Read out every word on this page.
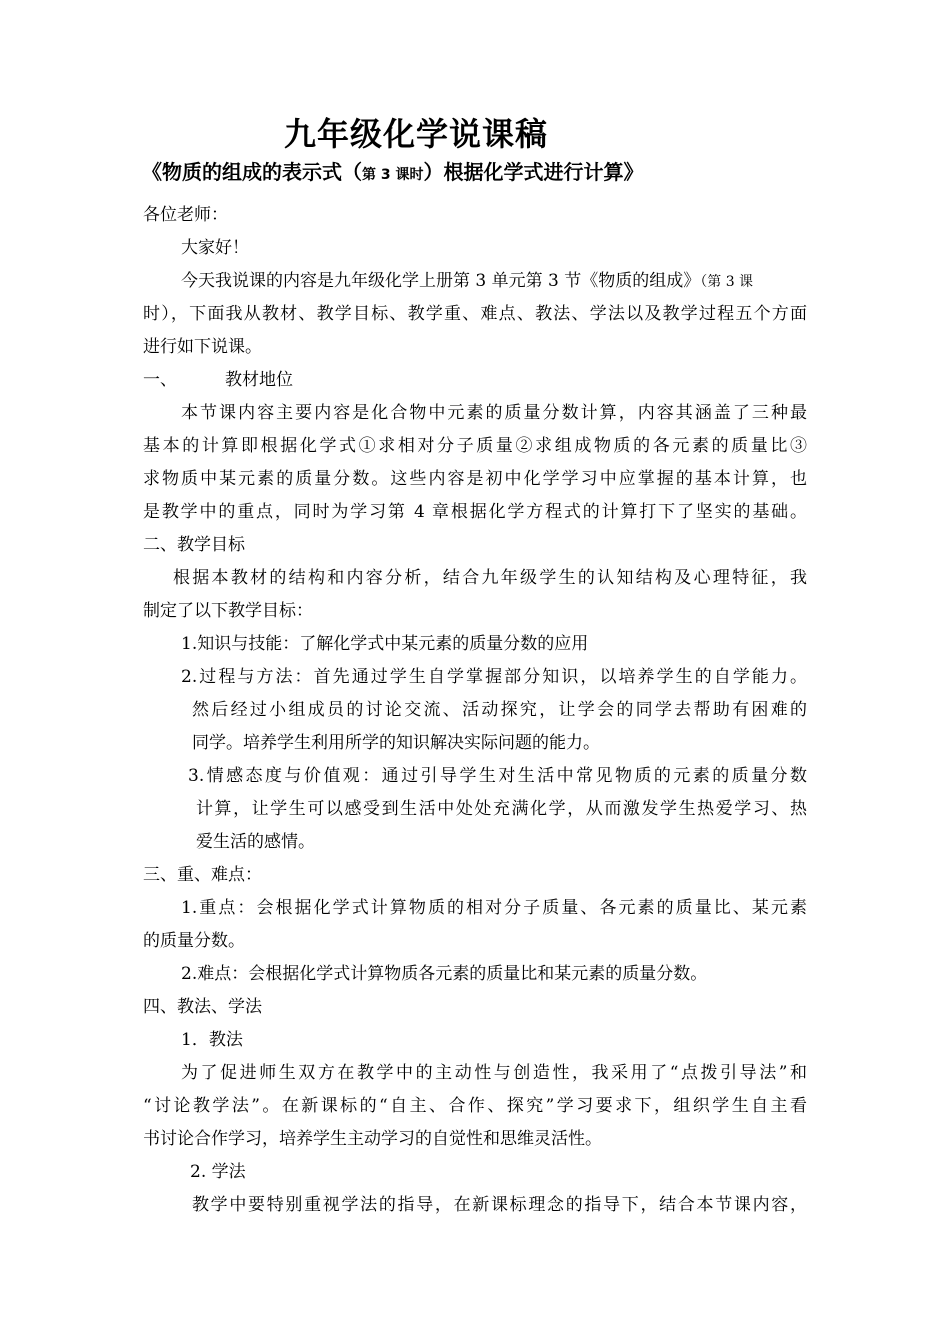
九年级化学说课稿
《物质的组成的表示式（第 3 课时）根据化学式进行计算》
各位老师：
大家好！
今天我说课的内容是九年级化学上册第 3 单元第 3 节《物质的组成》（第 3 课
时），下面我从教材、教学目标、教学重、难点、教法、学法以及教学过程五个方面
进行如下说课。
一、	教材地位
本节课内容主要内容是化合物中元素的质量分数计算，内容其涵盖了三种最
基本的计算即根据化学式①求相对分子质量②求组成物质的各元素的质量比③
求物质中某元素的质量分数。这些内容是初中化学学习中应掌握的基本计算，也
是教学中的重点，同时为学习第 4 章根据化学方程式的计算打下了坚实的基础。
二、教学目标
根据本教材的结构和内容分析，结合九年级学生的认知结构及心理特征，我
制定了以下教学目标：
1.知识与技能：了解化学式中某元素的质量分数的应用
2.过程与方法：首先通过学生自学掌握部分知识，以培养学生的自学能力。
然后经过小组成员的讨论交流、活动探究，让学会的同学去帮助有困难的
同学。培养学生利用所学的知识解决实际问题的能力。
3.情感态度与价值观：通过引导学生对生活中常见物质的元素的质量分数
计算，让学生可以感受到生活中处处充满化学，从而激发学生热爱学习、热
爱生活的感情。
三、重、难点：
1.重点：会根据化学式计算物质的相对分子质量、各元素的质量比、某元素
的质量分数。
2.难点：会根据化学式计算物质各元素的质量比和某元素的质量分数。
四、教法、学法
1．教法
为了促进师生双方在教学中的主动性与创造性，我采用了“点拨引导法”和
“讨论教学法”。在新课标的“自主、合作、探究”学习要求下，组织学生自主看
书讨论合作学习，培养学生主动学习的自觉性和思维灵活性。
2. 学法
教学中要特别重视学法的指导，在新课标理念的指导下，结合本节课内容，
